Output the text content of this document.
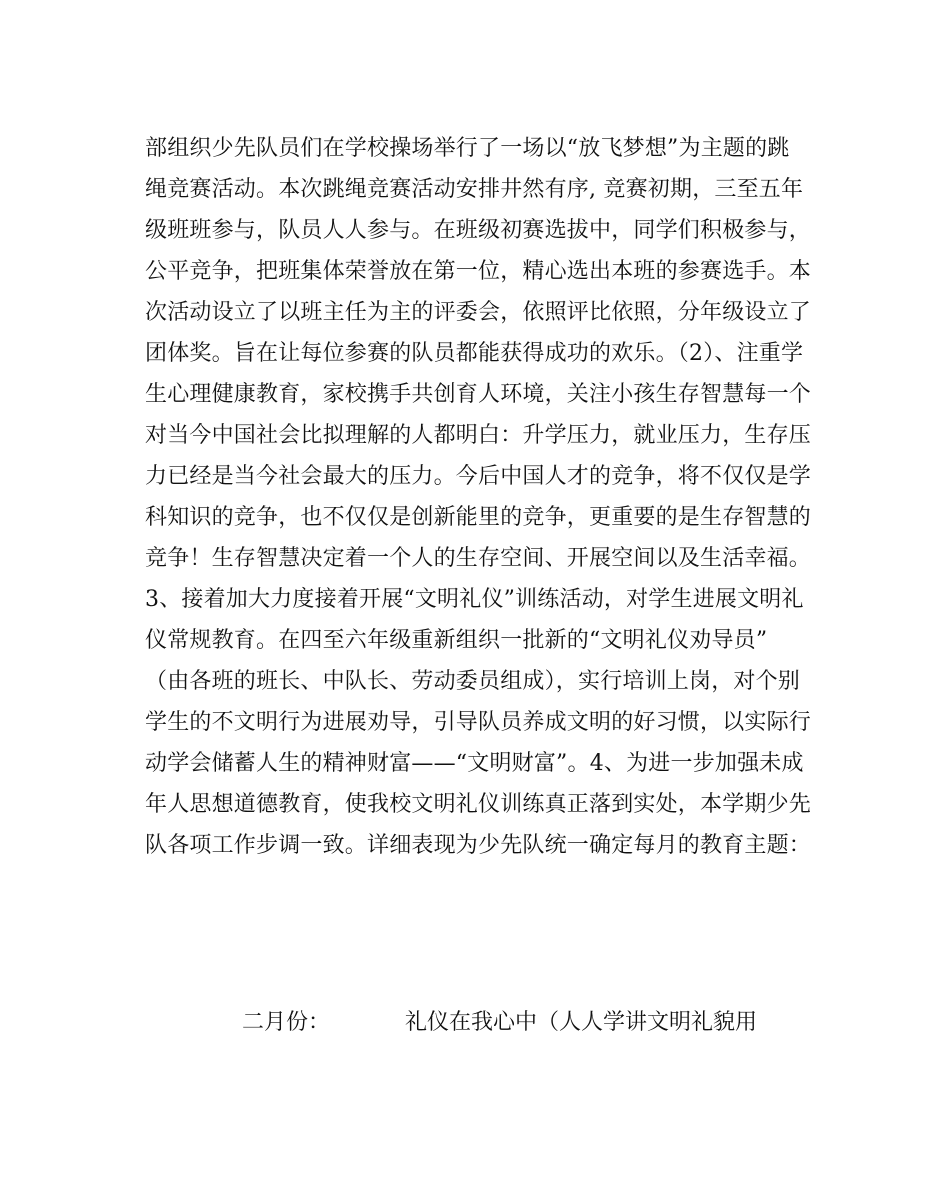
部组织少先队员们在学校操场举行了一场以“放飞梦想”为主题的跳
绳竞赛活动。本次跳绳竞赛活动安排井然有序, 竞赛初期，三至五年
级班班参与，队员人人参与。在班级初赛选拔中，同学们积极参与，
公平竞争，把班集体荣誉放在第一位，精心选出本班的参赛选手。本
次活动设立了以班主任为主的评委会，依照评比依照，分年级设立了
团体奖。旨在让每位参赛的队员都能获得成功的欢乐。（2）、注重学
生心理健康教育，家校携手共创育人环境，关注小孩生存智慧每一个
对当今中国社会比拟理解的人都明白：升学压力，就业压力，生存压
力已经是当今社会最大的压力。今后中国人才的竞争，将不仅仅是学
科知识的竞争，也不仅仅是创新能里的竞争，更重要的是生存智慧的
竞争！生存智慧决定着一个人的生存空间、开展空间以及生活幸福。
3、接着加大力度接着开展“文明礼仪”训练活动，对学生进展文明礼
仪常规教育。在四至六年级重新组织一批新的“文明礼仪劝导员”
（由各班的班长、中队长、劳动委员组成），实行培训上岗，对个别
学生的不文明行为进展劝导，引导队员养成文明的好习惯，以实际行
动学会储蓄人生的精神财富——“文明财富”。4、为进一步加强未成
年人思想道德教育，使我校文明礼仪训练真正落到实处，本学期少先
队各项工作步调一致。详细表现为少先队统一确定每月的教育主题：
二月份：	礼仪在我心中（人人学讲文明礼貌用
